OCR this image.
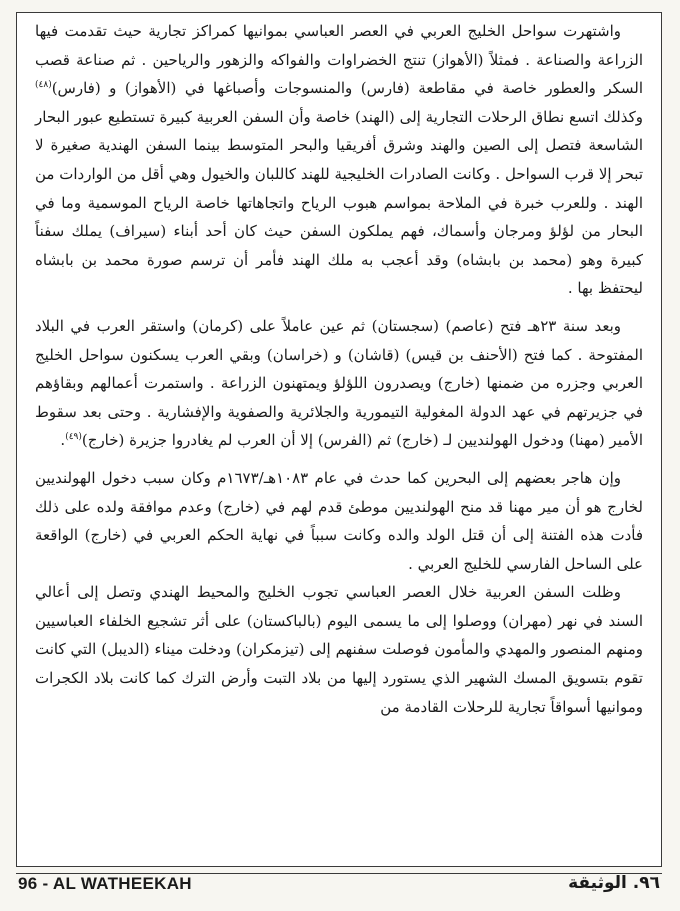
واشتهرت سواحل الخليج العربي في العصر العباسي بموانيها كمراكز تجارية حيث تقدمت فيها الزراعة والصناعة . فمثلاً (الأهواز) تنتج الخضراوات والفواكه والزهور والرياحين . ثم صناعة قصب السكر والعطور خاصة في مقاطعة (فارس) والمنسوجات وأصباغها في (الأهواز) و (فارس)$^{(٤٨)}$ وكذلك اتسع نطاق الرحلات التجارية إلى (الهند) خاصة وأن السفن العربية كبيرة تستطيع عبور البحار الشاسعة فتصل إلى الصين والهند وشرق أفريقيا والبحر المتوسط بينما السفن الهندية صغيرة لا تبحر إلا قرب السواحل . وكانت الصادرات الخليجية للهند كاللبان والخيول وهي أقل من الواردات من الهند . وللعرب خبرة في الملاحة بمواسم هبوب الرياح واتجاهاتها خاصة الرياح الموسمية وما في البحار من لؤلؤ ومرجان وأسماك، فهم يملكون السفن حيث كان أحد أبناء (سيراف) يملك سفناً كبيرة وهو (محمد بن بابشاه) وقد أعجب به ملك الهند فأمر أن ترسم صورة محمد بن بابشاه ليحتفظ بها .

وبعد سنة ٢٣هـ فتح (عاصم) (سجستان) ثم عين عاملاً على (كرمان) واستقر العرب في البلاد المفتوحة . كما فتح (الأحنف بن قيس) (قاشان) و (خراسان) وبقي العرب يسكنون سواحل الخليج العربي وجزره من ضمنها (خارج) ويصدرون اللؤلؤ ويمتهنون الزراعة . واستمرت أعمالهم وبقاؤهم في جزيرتهم في عهد الدولة المغولية التيمورية والجلائرية والصفوية والإفشارية . وحتى بعد سقوط الأمير (مهنا) ودخول الهولنديين لـ (خارج) ثم (الفرس) إلا أن العرب لم يغادروا جزيرة (خارج)$^{(٤٩)}$.

وإن هاجر بعضهم إلى البحرين كما حدث في عام ١٠٨٣هـ/١٦٧٣م وكان سبب دخول الهولنديين لخارج هو أن مير مهنا قد منح الهولنديين موطئ قدم لهم في (خارج) وعدم موافقة ولده على ذلك فأدت هذه الفتنة إلى أن قتل الولد والده وكانت سبباً في نهاية الحكم العربي في (خارج) الواقعة على الساحل الفارسي للخليج العربي .

وظلت السفن العربية خلال العصر العباسي تجوب الخليج والمحيط الهندي وتصل إلى أعالي السند في نهر (مهران) ووصلوا إلى ما يسمى اليوم (بالباكستان) على أثر تشجيع الخلفاء العباسيين ومنهم المنصور والمهدي والمأمون فوصلت سفنهم إلى (تيزمكران) ودخلت ميناء (الديبل) التي كانت تقوم بتسويق المسك الشهير الذي يستورد إليها من بلاد التبت وأرض الترك كما كانت بلاد الكجرات وموانيها أسواقاً تجارية للرحلات القادمة من

96 - AL WATHEEKAH	٩٦. الوثيقة
